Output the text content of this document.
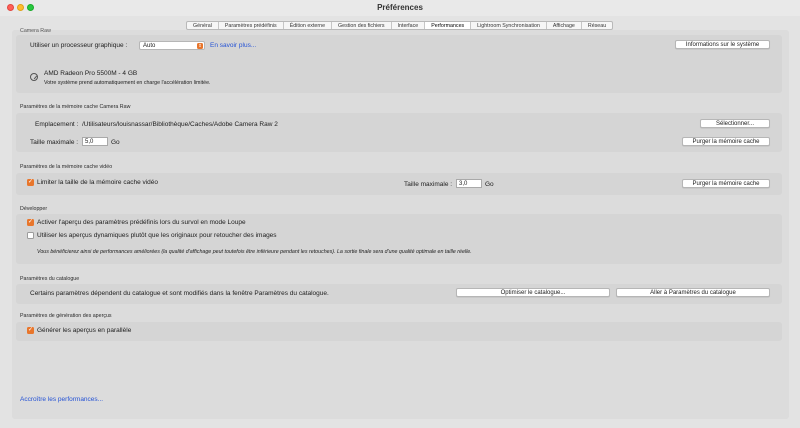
Préférences
Général	Paramètres prédéfinis	Édition externe	Gestion des fichiers	Interface	Performances	Lightroom Synchronisation	Affichage	Réseau
Camera Raw
Utiliser un processeur graphique :	Auto	⇕ En savoir plus...	Informations sur le système
AMD Radeon Pro 5500M - 4 GB
Votre système prend automatiquement en charge l'accélération limitée.
Paramètres de la mémoire cache Camera Raw
Emplacement : /Utilisateurs/louisnassar/Bibliothèque/Caches/Adobe Camera Raw 2	Sélectionner...
Taille maximale :	5,0	Go	Purger la mémoire cache
Paramètres de la mémoire cache vidéo
✓ Limiter la taille de la mémoire cache vidéo	Taille maximale :	3,0	Go	Purger la mémoire cache
Développer
✓ Activer l'aperçu des paramètres prédéfinis lors du survol en mode Loupe
Utiliser les aperçus dynamiques plutôt que les originaux pour retoucher des images
Vous bénéficierez ainsi de performances améliorées (la qualité d'affichage peut toutefois être inférieure pendant les retouches). La sortie finale sera d'une qualité optimale en taille réelle.
Paramètres du catalogue
Certains paramètres dépendent du catalogue et sont modifiés dans la fenêtre Paramètres du catalogue.	Optimiser le catalogue...	Aller à Paramètres du catalogue
Paramètres de génération des aperçus
✓ Générer les aperçus en parallèle
Accroître les performances...
